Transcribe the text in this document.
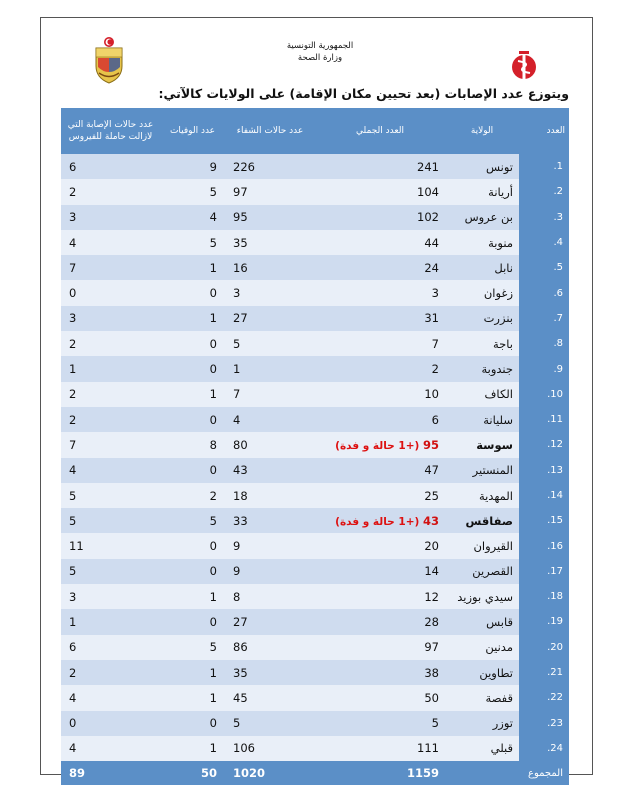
الجمهورية التونسية
وزارة الصحة
ويتوزع عدد الإصابات (بعد تحيين مكان الإقامة) على الولايات كالآتي:
العدد	الولاية	العدد الجملي	عدد حالات الشفاء	عدد الوفيات	عدد حالات الإصابة التي لازالت حاملة للفيروس
1.	تونس	241	226	9	6
2.	أريانة	104	97	5	2
3.	بن عروس	102	95	4	3
4.	منوبة	44	35	5	4
5.	نابل	24	16	1	7
6.	زغوان	3	3	0	0
7.	بنزرت	31	27	1	3
8.	باجة	7	5	0	2
9.	جندوبة	2	1	0	1
10.	الكاف	10	7	1	2
11.	سليانة	6	4	0	2
12.	سوسة	95 (+1 حالة و فدة)	80	8	7
13.	المنستير	47	43	0	4
14.	المهدية	25	18	2	5
15.	صفاقس	43 (+1 حالة و فدة)	33	5	5
16.	القيروان	20	9	0	11
17.	القصرين	14	9	0	5
18.	سيدي بوزيد	12	8	1	3
19.	قابس	28	27	0	1
20.	مدنين	97	86	5	6
21.	تطاوين	38	35	1	2
22.	قفصة	50	45	1	4
23.	توزر	5	5	0	0
24.	قبلي	111	106	1	4
المجموع		1159	1020	50	89
